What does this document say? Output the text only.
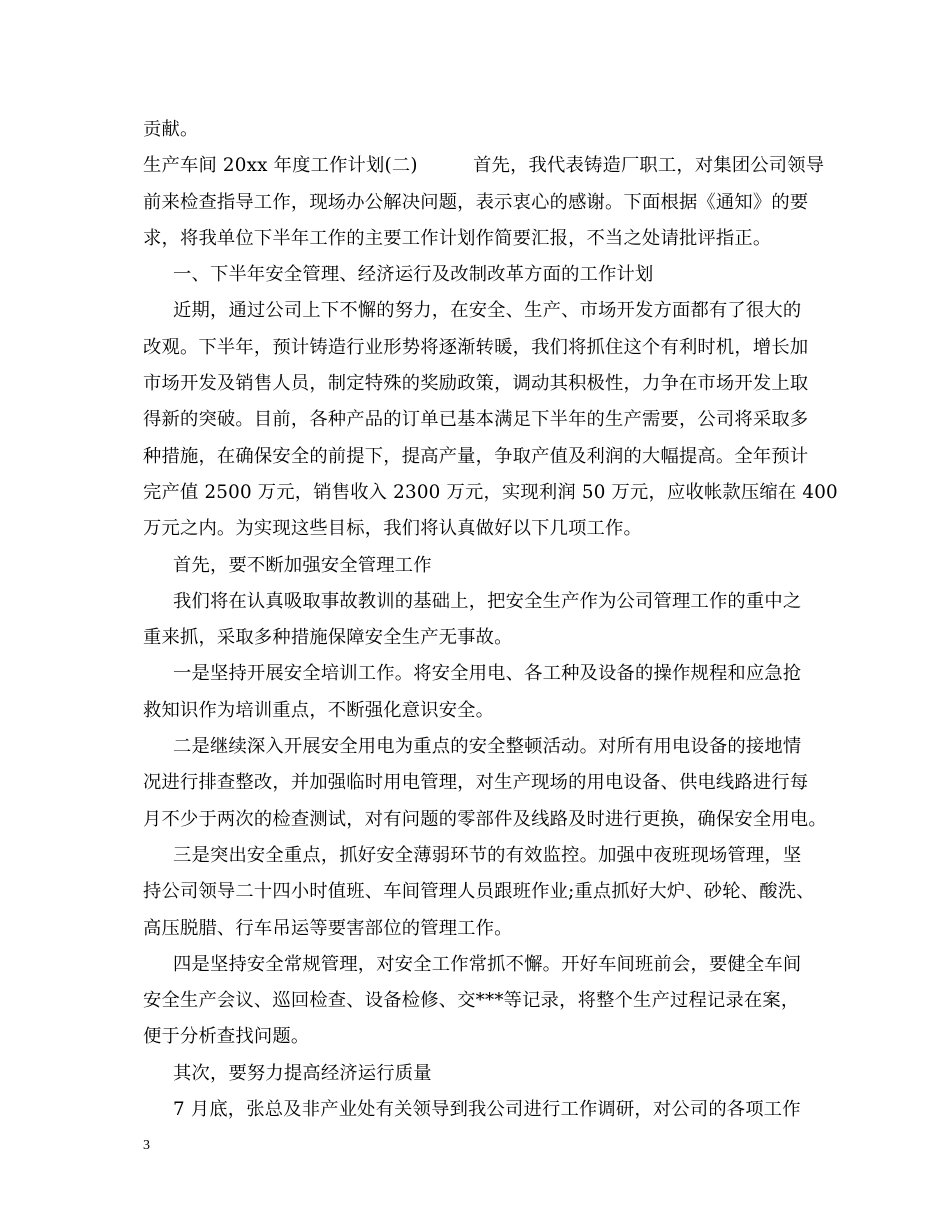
贡献。
生产车间 20xx 年度工作计划(二)　　　首先，我代表铸造厂职工，对集团公司领导
前来检查指导工作，现场办公解决问题，表示衷心的感谢。下面根据《通知》的要
求，将我单位下半年工作的主要工作计划作简要汇报，不当之处请批评指正。
一、下半年安全管理、经济运行及改制改革方面的工作计划
近期，通过公司上下不懈的努力，在安全、生产、市场开发方面都有了很大的
改观。下半年，预计铸造行业形势将逐渐转暖，我们将抓住这个有利时机，增长加
市场开发及销售人员，制定特殊的奖励政策，调动其积极性，力争在市场开发上取
得新的突破。目前，各种产品的订单已基本满足下半年的生产需要，公司将采取多
种措施，在确保安全的前提下，提高产量，争取产值及利润的大幅提高。全年预计
完产值 2500 万元，销售收入 2300 万元，实现利润 50 万元，应收帐款压缩在 400
万元之内。为实现这些目标，我们将认真做好以下几项工作。
首先，要不断加强安全管理工作
我们将在认真吸取事故教训的基础上，把安全生产作为公司管理工作的重中之
重来抓，采取多种措施保障安全生产无事故。
一是坚持开展安全培训工作。将安全用电、各工种及设备的操作规程和应急抢
救知识作为培训重点，不断强化意识安全。
二是继续深入开展安全用电为重点的安全整顿活动。对所有用电设备的接地情
况进行排查整改，并加强临时用电管理，对生产现场的用电设备、供电线路进行每
月不少于两次的检查测试，对有问题的零部件及线路及时进行更换，确保安全用电。
三是突出安全重点，抓好安全薄弱环节的有效监控。加强中夜班现场管理，坚
持公司领导二十四小时值班、车间管理人员跟班作业;重点抓好大炉、砂轮、酸洗、
高压脱腊、行车吊运等要害部位的管理工作。
四是坚持安全常规管理，对安全工作常抓不懈。开好车间班前会，要健全车间
安全生产会议、巡回检查、设备检修、交***等记录，将整个生产过程记录在案，
便于分析查找问题。
其次，要努力提高经济运行质量
7 月底，张总及非产业处有关领导到我公司进行工作调研，对公司的各项工作
3
